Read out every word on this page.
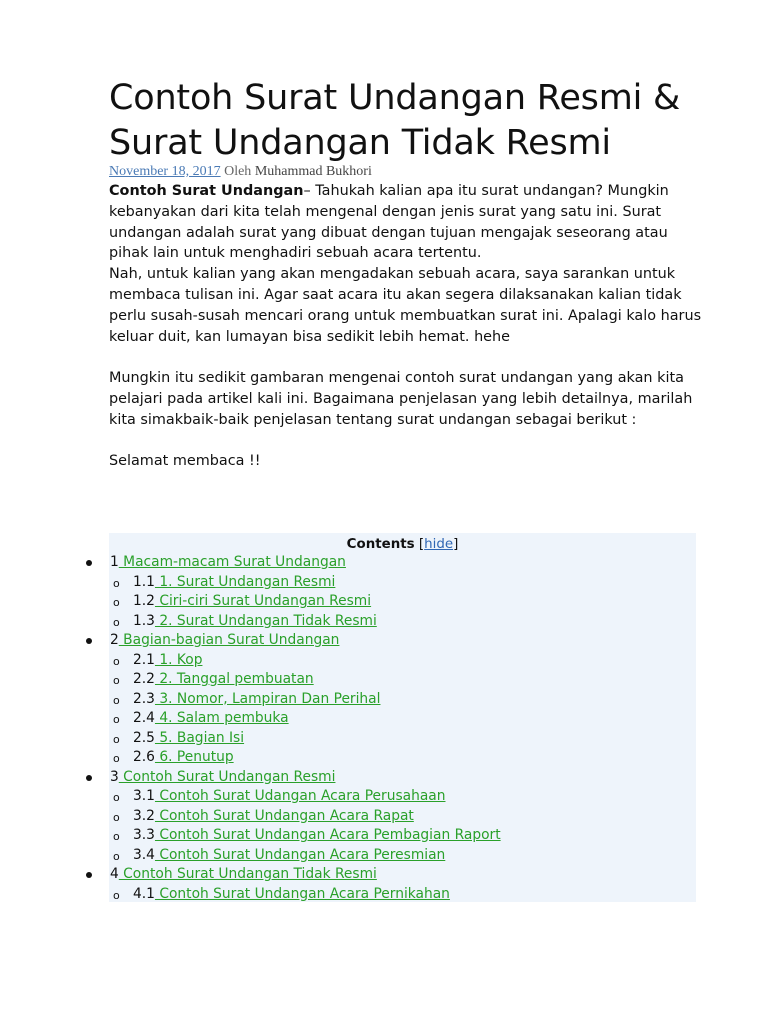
Contoh Surat Undangan Resmi &
Surat Undangan Tidak Resmi
November 18, 2017 Oleh Muhammad Bukhori

Contoh Surat Undangan– Tahukah kalian apa itu surat undangan? Mungkin kebanyakan dari kita telah mengenal dengan jenis surat yang satu ini. Surat undangan adalah surat yang dibuat dengan tujuan mengajak seseorang atau pihak lain untuk menghadiri sebuah acara tertentu.

Nah, untuk kalian yang akan mengadakan sebuah acara, saya sarankan untuk membaca tulisan ini. Agar saat acara itu akan segera dilaksanakan kalian tidak perlu susah-susah mencari orang untuk membuatkan surat ini. Apalagi kalo harus keluar duit, kan lumayan bisa sedikit lebih hemat. hehe

Mungkin itu sedikit gambaran mengenai contoh surat undangan yang akan kita pelajari pada artikel kali ini. Bagaimana penjelasan yang lebih detailnya, marilah kita simakbaik-baik penjelasan tentang surat undangan sebagai berikut :

Selamat membaca !!

Contents [hide]
1 Macam-macam Surat Undangan
o 1.1 1. Surat Undangan Resmi
o 1.2 Ciri-ciri Surat Undangan Resmi
o 1.3 2. Surat Undangan Tidak Resmi
2 Bagian-bagian Surat Undangan
o 2.1 1. Kop
o 2.2 2. Tanggal pembuatan
o 2.3 3. Nomor, Lampiran Dan Perihal
o 2.4 4. Salam pembuka
o 2.5 5. Bagian Isi
o 2.6 6. Penutup
3 Contoh Surat Undangan Resmi
o 3.1 Contoh Surat Udangan Acara Perusahaan
o 3.2 Contoh Surat Undangan Acara Rapat
o 3.3 Contoh Surat Undangan Acara Pembagian Raport
o 3.4 Contoh Surat Undangan Acara Peresmian
4 Contoh Surat Undangan Tidak Resmi
o 4.1 Contoh Surat Undangan Acara Pernikahan
